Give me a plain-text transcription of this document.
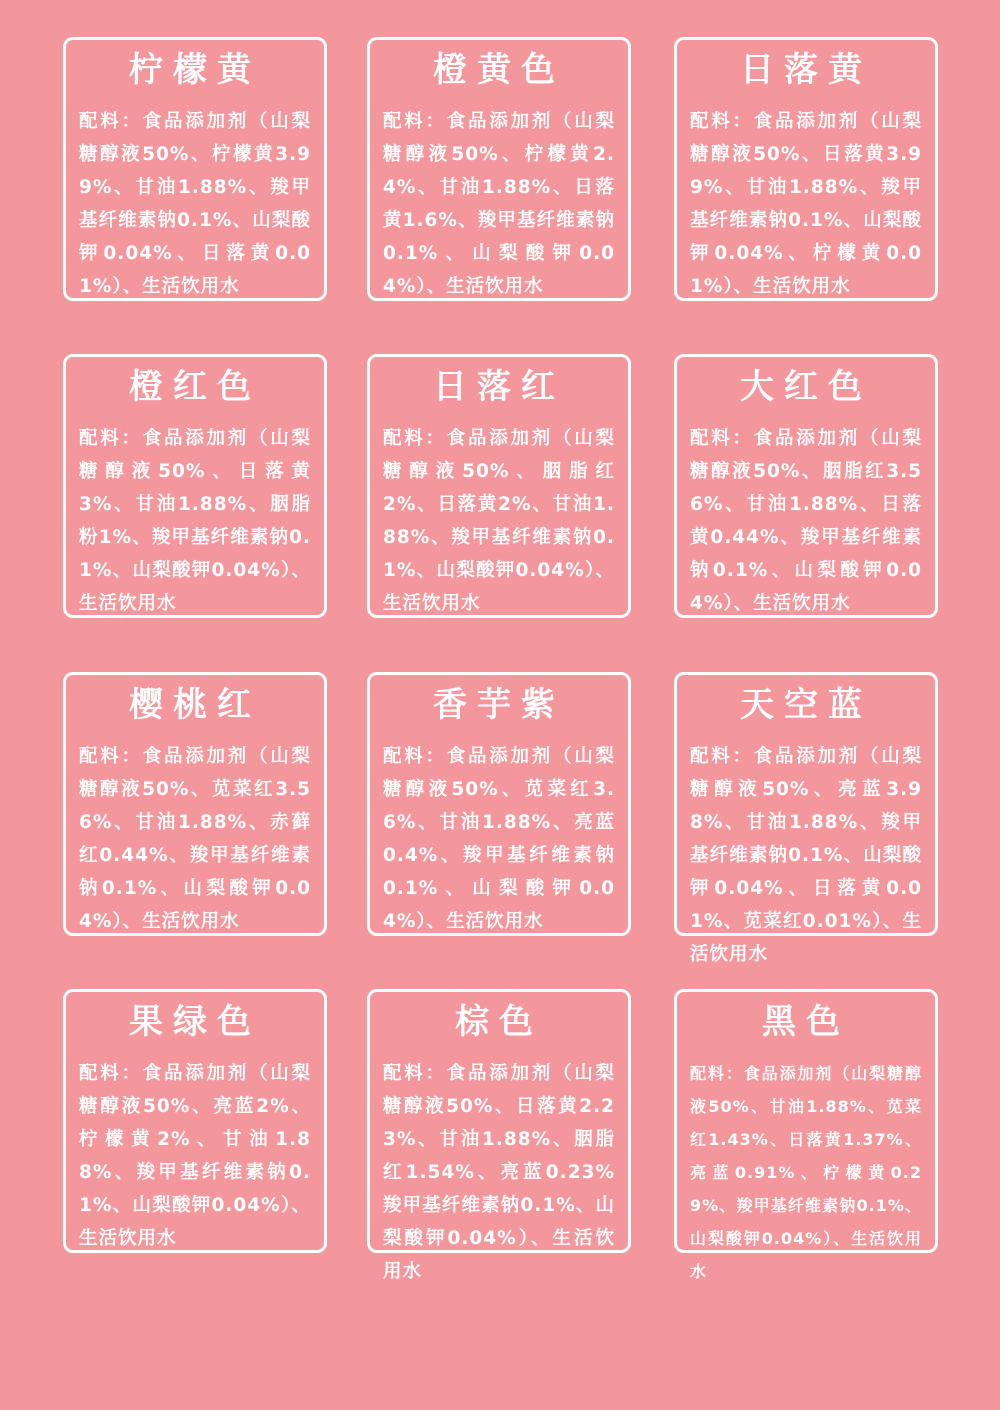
柠檬黄
配料：食品添加剂（山梨糖醇液50%、柠檬黄3.99%、甘油1.88%、羧甲基纤维素钠0.1%、山梨酸钾0.04%、日落黄0.01%）、生活饮用水
橙黄色
配料：食品添加剂（山梨糖醇液50%、柠檬黄2.4%、甘油1.88%、日落黄1.6%、羧甲基纤维素钠0.1%、山梨酸钾0.04%）、生活饮用水
日落黄
配料：食品添加剂（山梨糖醇液50%、日落黄3.99%、甘油1.88%、羧甲基纤维素钠0.1%、山梨酸钾0.04%、柠檬黄0.01%）、生活饮用水
橙红色
配料：食品添加剂（山梨糖醇液50%、日落黄3%、甘油1.88%、胭脂粉1%、羧甲基纤维素钠0.1%、山梨酸钾0.04%）、生活饮用水
日落红
配料：食品添加剂（山梨糖醇液50%、胭脂红2%、日落黄2%、甘油1.88%、羧甲基纤维素钠0.1%、山梨酸钾0.04%）、生活饮用水
大红色
配料：食品添加剂（山梨糖醇液50%、胭脂红3.56%、甘油1.88%、日落黄0.44%、羧甲基纤维素钠0.1%、山梨酸钾0.04%）、生活饮用水
樱桃红
配料：食品添加剂（山梨糖醇液50%、苋菜红3.56%、甘油1.88%、赤藓红0.44%、羧甲基纤维素钠0.1%、山梨酸钾0.04%）、生活饮用水
香芋紫
配料：食品添加剂（山梨糖醇液50%、苋菜红3.6%、甘油1.88%、亮蓝0.4%、羧甲基纤维素钠0.1%、山梨酸钾0.04%）、生活饮用水
天空蓝
配料：食品添加剂（山梨糖醇液50%、亮蓝3.98%、甘油1.88%、羧甲基纤维素钠0.1%、山梨酸钾0.04%、日落黄0.01%、苋菜红0.01%）、生活饮用水
果绿色
配料：食品添加剂（山梨糖醇液50%、亮蓝2%、柠檬黄2%、甘油1.88%、羧甲基纤维素钠0.1%、山梨酸钾0.04%）、生活饮用水
棕色
配料：食品添加剂（山梨糖醇液50%、日落黄2.23%、甘油1.88%、胭脂红1.54%、亮蓝0.23%羧甲基纤维素钠0.1%、山梨酸钾0.04%）、生活饮用水
黑色
配料：食品添加剂（山梨糖醇液50%、甘油1.88%、苋菜红1.43%、日落黄1.37%、亮蓝0.91%、柠檬黄0.29%、羧甲基纤维素钠0.1%、山梨酸钾0.04%）、生活饮用水
